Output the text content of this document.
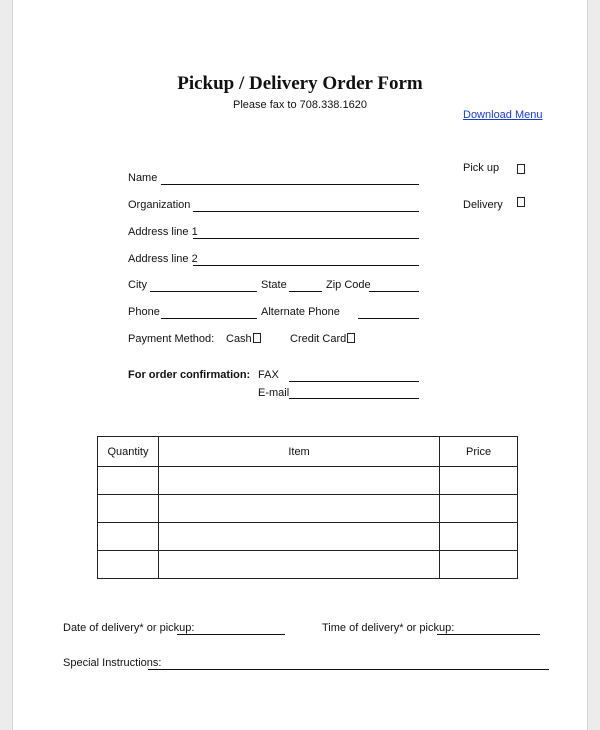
Pickup / Delivery Order Form
Please fax to 708.338.1620
Download Menu
Pick up
Delivery
Name
Organization
Address line 1
Address line 2
City	State	Zip Code
Phone	Alternate Phone
Payment Method: Cash	Credit Card
For order confirmation: FAX
E-mail
Quantity	Item	Price

Date of delivery* or pickup:	Time of delivery* or pickup:
Special Instructions:
